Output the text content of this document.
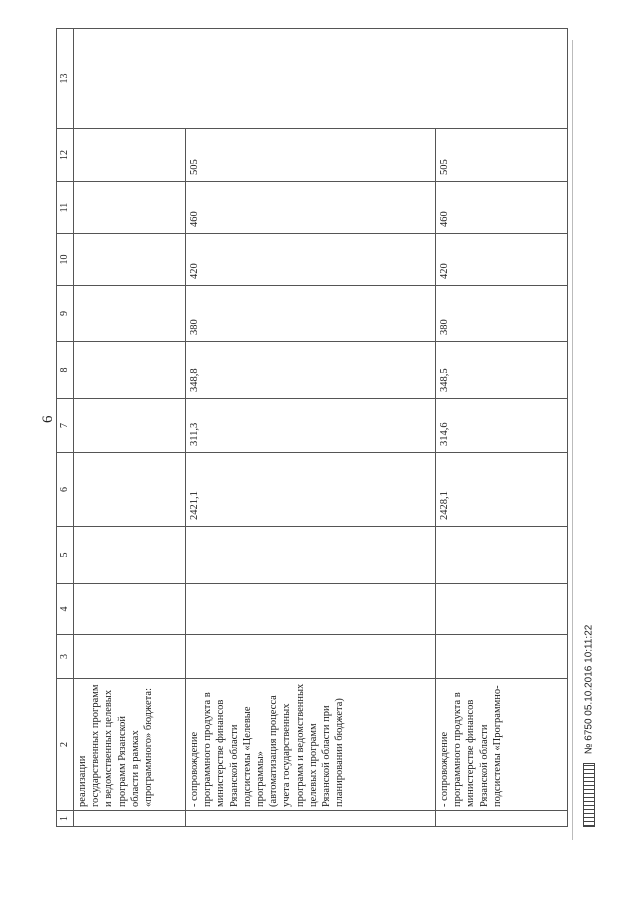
6
1	2	3	4	5	6	7	8	9	10	11	12	13
	реализации государственных программ и ведомственных целевых программ Рязанской области в рамках «программного» бюджета:											
	- сопровождение программного продукта в министерстве финансов Рязанской области подсистемы «Целевые программы» (автоматизация процесса учета государственных программ и ведомственных целевых программ Рязанской области при планировании бюджета)				2421,1	311,3	348,8	380	420	460	505	
	- сопровождение программного продукта в министерстве финансов Рязанской области подсистемы «Программно-				2428,1	314,6	348,5	380	420	460	505	
№ 6750 05.10.2016 10:11:22
